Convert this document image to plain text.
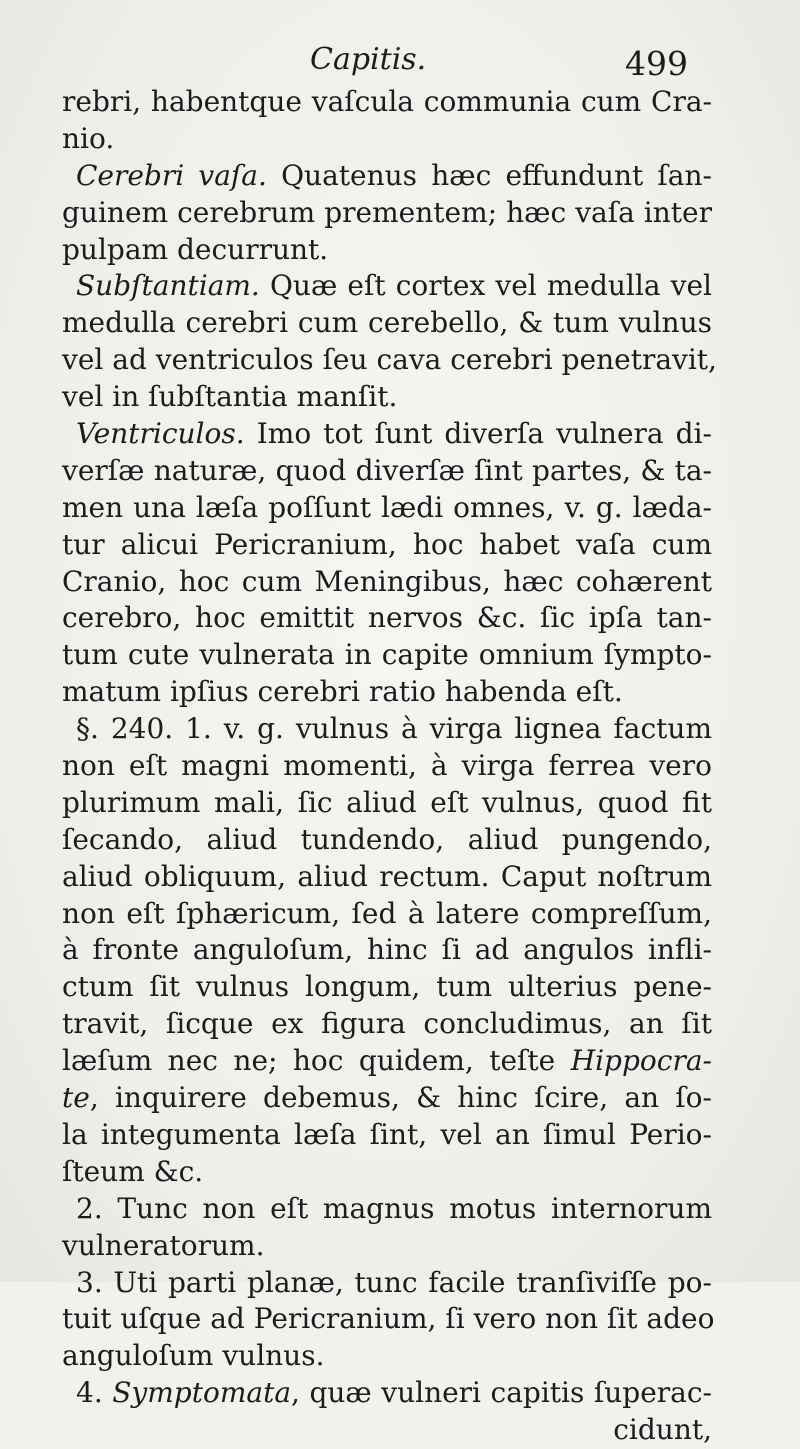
Capitis.	499
rebri, habentque vaſcula communia cum Cra-
nio.
Cerebri vaſa. Quatenus hæc effundunt ſan-
guinem cerebrum prementem; hæc vaſa inter
pulpam decurrunt.
Subſtantiam. Quæ eſt cortex vel medulla vel
medulla cerebri cum cerebello, & tum vulnus
vel ad ventriculos ſeu cava cerebri penetravit,
vel in ſubſtantia manſit.
Ventriculos. Imo tot ſunt diverſa vulnera di-
verſæ naturæ, quod diverſæ ſint partes, & ta-
men una læſa poſſunt lædi omnes, v. g. læda-
tur alicui Pericranium, hoc habet vaſa cum
Cranio, hoc cum Meningibus, hæc cohærent
cerebro, hoc emittit nervos &c. ſic ipſa tan-
tum cute vulnerata in capite omnium ſympto-
matum ipſius cerebri ratio habenda eſt.
§. 240. 1. v. g. vulnus à virga lignea factum
non eſt magni momenti, à virga ferrea vero
plurimum mali, ſic aliud eſt vulnus, quod fit
ſecando, aliud tundendo, aliud pungendo,
aliud obliquum, aliud rectum. Caput noſtrum
non eſt ſphæricum, ſed à latere compreſſum,
à fronte anguloſum, hinc ſi ad angulos infli-
ctum ſit vulnus longum, tum ulterius pene-
travit, ſicque ex figura concludimus, an ſit
læſum nec ne; hoc quidem, teſte Hippocra-
te, inquirere debemus, & hinc ſcire, an ſo-
la integumenta læſa ſint, vel an ſimul Perio-
ſteum &c.
2. Tunc non eſt magnus motus internorum
vulneratorum.
3. Uti parti planæ, tunc facile tranſiviſſe po-
tuit uſque ad Pericranium, ſi vero non ſit adeo
anguloſum vulnus.
4. Symptomata, quæ vulneri capitis ſuperac-
cidunt,
